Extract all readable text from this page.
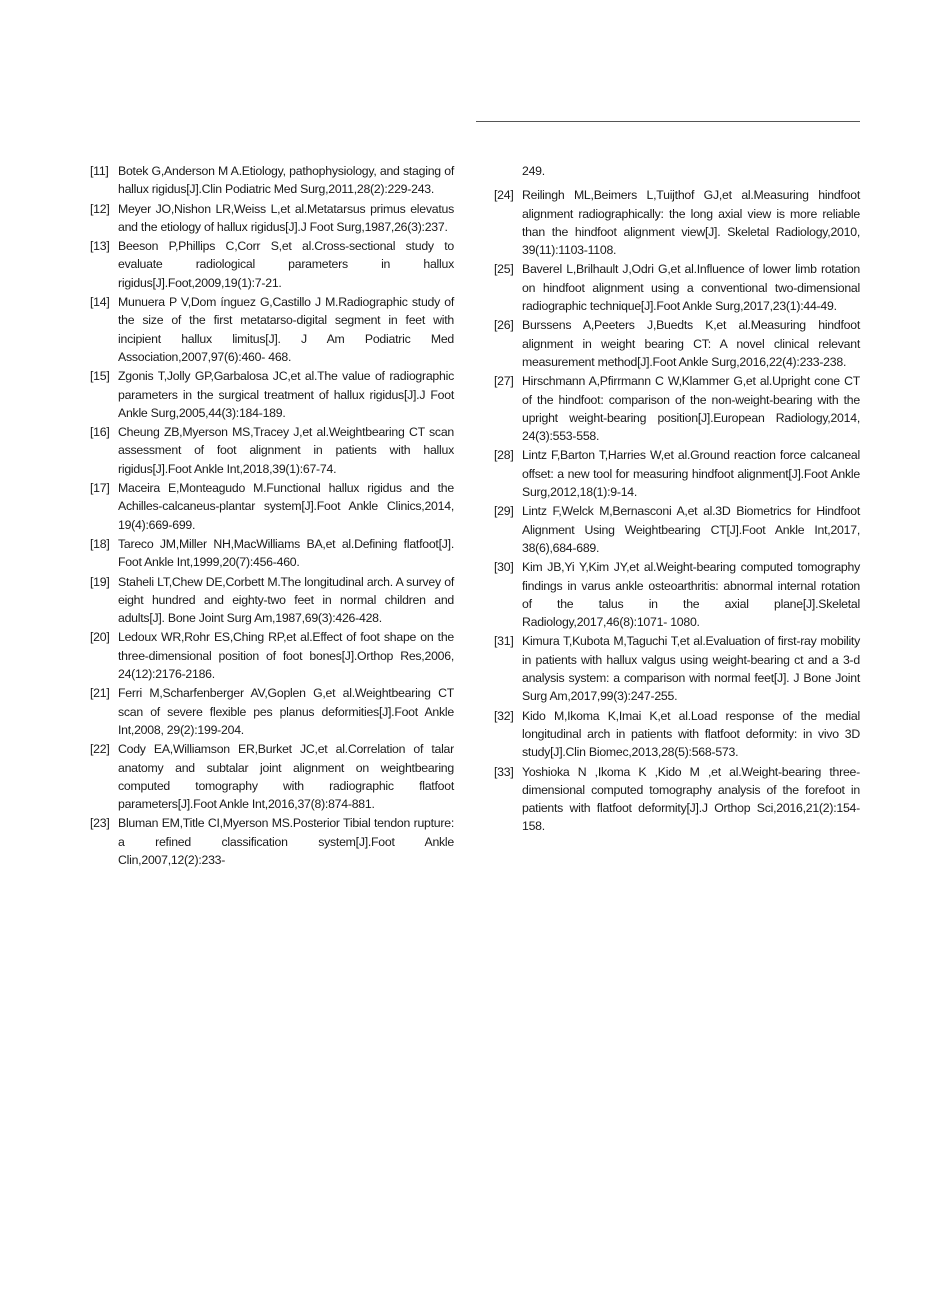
[11] Botek G,Anderson M A.Etiology, pathophysiology, and staging of hallux rigidus[J].Clin Podiatric Med Surg,2011,28(2):229-243.
[12] Meyer JO,Nishon LR,Weiss L,et al.Metatarsus primus elevatus and the etiology of hallux rigidus[J].J Foot Surg,1987,26(3):237.
[13] Beeson P,Phillips C,Corr S,et al.Cross-sectional study to evaluate radiological parameters in hallux rigidus[J].Foot,2009,19(1):7-21.
[14] Munuera P V,Dom ínguez G,Castillo J M.Radiographic study of the size of the first metatarso-digital segment in feet with incipient hallux limitus[J]. J Am Podiatric Med Association,2007,97(6):460- 468.
[15] Zgonis T,Jolly GP,Garbalosa JC,et al.The value of radiographic parameters in the surgical treatment of hallux rigidus[J].J Foot Ankle Surg,2005,44(3):184-189.
[16] Cheung ZB,Myerson MS,Tracey J,et al.Weightbearing CT scan assessment of foot alignment in patients with hallux rigidus[J].Foot Ankle Int,2018,39(1):67-74.
[17] Maceira E,Monteagudo M.Functional hallux rigidus and the Achilles-calcaneus-plantar system[J].Foot Ankle Clinics,2014, 19(4):669-699.
[18] Tareco JM,Miller NH,MacWilliams BA,et al.Defining flatfoot[J]. Foot Ankle Int,1999,20(7):456-460.
[19] Staheli LT,Chew DE,Corbett M.The longitudinal arch. A survey of eight hundred and eighty-two feet in normal children and adults[J]. Bone Joint Surg Am,1987,69(3):426-428.
[20] Ledoux WR,Rohr ES,Ching RP,et al.Effect of foot shape on the three-dimensional position of foot bones[J].Orthop Res,2006, 24(12):2176-2186.
[21] Ferri M,Scharfenberger AV,Goplen G,et al.Weightbearing CT scan of severe flexible pes planus deformities[J].Foot Ankle Int,2008, 29(2):199-204.
[22] Cody EA,Williamson ER,Burket JC,et al.Correlation of talar anatomy and subtalar joint alignment on weightbearing computed tomography with radiographic flatfoot parameters[J].Foot Ankle Int,2016,37(8):874-881.
[23] Bluman EM,Title CI,Myerson MS.Posterior Tibial tendon rupture: a refined classification system[J].Foot Ankle Clin,2007,12(2):233-
249.
[24] Reilingh ML,Beimers L,Tuijthof GJ,et al.Measuring hindfoot alignment radiographically: the long axial view is more reliable than the hindfoot alignment view[J]. Skeletal Radiology,2010, 39(11):1103-1108.
[25] Baverel L,Brilhault J,Odri G,et al.Influence of lower limb rotation on hindfoot alignment using a conventional two-dimensional radiographic technique[J].Foot Ankle Surg,2017,23(1):44-49.
[26] Burssens A,Peeters J,Buedts K,et al.Measuring hindfoot alignment in weight bearing CT: A novel clinical relevant measurement method[J].Foot Ankle Surg,2016,22(4):233-238.
[27] Hirschmann A,Pfirrmann C W,Klammer G,et al.Upright cone CT of the hindfoot: comparison of the non-weight-bearing with the upright weight-bearing position[J].European Radiology,2014, 24(3):553-558.
[28] Lintz F,Barton T,Harries W,et al.Ground reaction force calcaneal offset: a new tool for measuring hindfoot alignment[J].Foot Ankle Surg,2012,18(1):9-14.
[29] Lintz F,Welck M,Bernasconi A,et al.3D Biometrics for Hindfoot Alignment Using Weightbearing CT[J].Foot Ankle Int,2017, 38(6),684-689.
[30] Kim JB,Yi Y,Kim JY,et al.Weight-bearing computed tomography findings in varus ankle osteoarthritis: abnormal internal rotation of the talus in the axial plane[J].Skeletal Radiology,2017,46(8):1071- 1080.
[31] Kimura T,Kubota M,Taguchi T,et al.Evaluation of first-ray mobility in patients with hallux valgus using weight-bearing ct and a 3-d analysis system: a comparison with normal feet[J]. J Bone Joint Surg Am,2017,99(3):247-255.
[32] Kido M,Ikoma K,Imai K,et al.Load response of the medial longitudinal arch in patients with flatfoot deformity: in vivo 3D study[J].Clin Biomec,2013,28(5):568-573.
[33] Yoshioka N ,Ikoma K ,Kido M ,et al.Weight-bearing three- dimensional computed tomography analysis of the forefoot in patients with flatfoot deformity[J].J Orthop Sci,2016,21(2):154-158.
